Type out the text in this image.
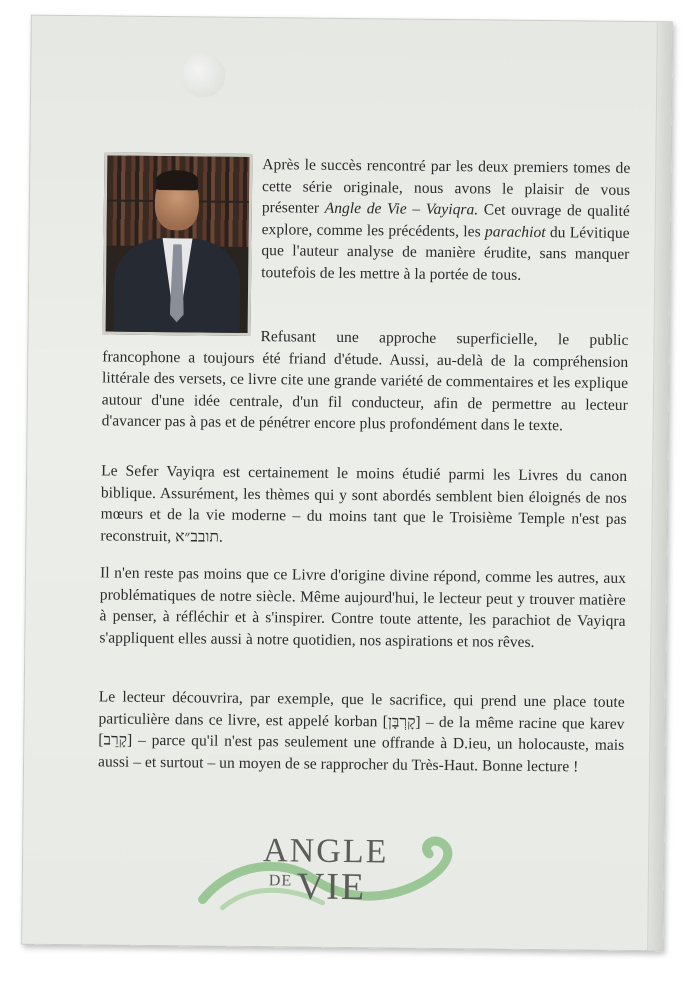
Après le succès rencontré par les deux premiers tomes de cette série originale, nous avons le plaisir de vous présenter Angle de Vie – Vayiqra. Cet ouvrage de qualité explore, comme les précédents, les parachiot du Lévitique que l'auteur analyse de manière érudite, sans manquer toutefois de les mettre à la portée de tous.
Refusant une approche superficielle, le public francophone a toujours été friand d'étude. Aussi, au-delà de la compréhension littérale des versets, ce livre cite une grande variété de commentaires et les explique autour d'une idée centrale, d'un fil conducteur, afin de permettre au lecteur d'avancer pas à pas et de pénétrer encore plus profondément dans le texte.
Le Sefer Vayiqra est certainement le moins étudié parmi les Livres du canon biblique. Assurément, les thèmes qui y sont abordés semblent bien éloignés de nos mœurs et de la vie moderne – du moins tant que le Troisième Temple n'est pas reconstruit, תובב״א.
Il n'en reste pas moins que ce Livre d'origine divine répond, comme les autres, aux problématiques de notre siècle. Même aujourd'hui, le lecteur peut y trouver matière à penser, à réfléchir et à s'inspirer. Contre toute attente, les parachiot de Vayiqra s'appliquent elles aussi à notre quotidien, nos aspirations et nos rêves.
Le lecteur découvrira, par exemple, que le sacrifice, qui prend une place toute particulière dans ce livre, est appelé korban [קָרְבָּן] – de la même racine que karev [קָרֵב] – parce qu'il n'est pas seulement une offrande à D.ieu, un holocauste, mais aussi – et surtout – un moyen de se rapprocher du Très-Haut. Bonne lecture !
ANGLE
DE VIE
